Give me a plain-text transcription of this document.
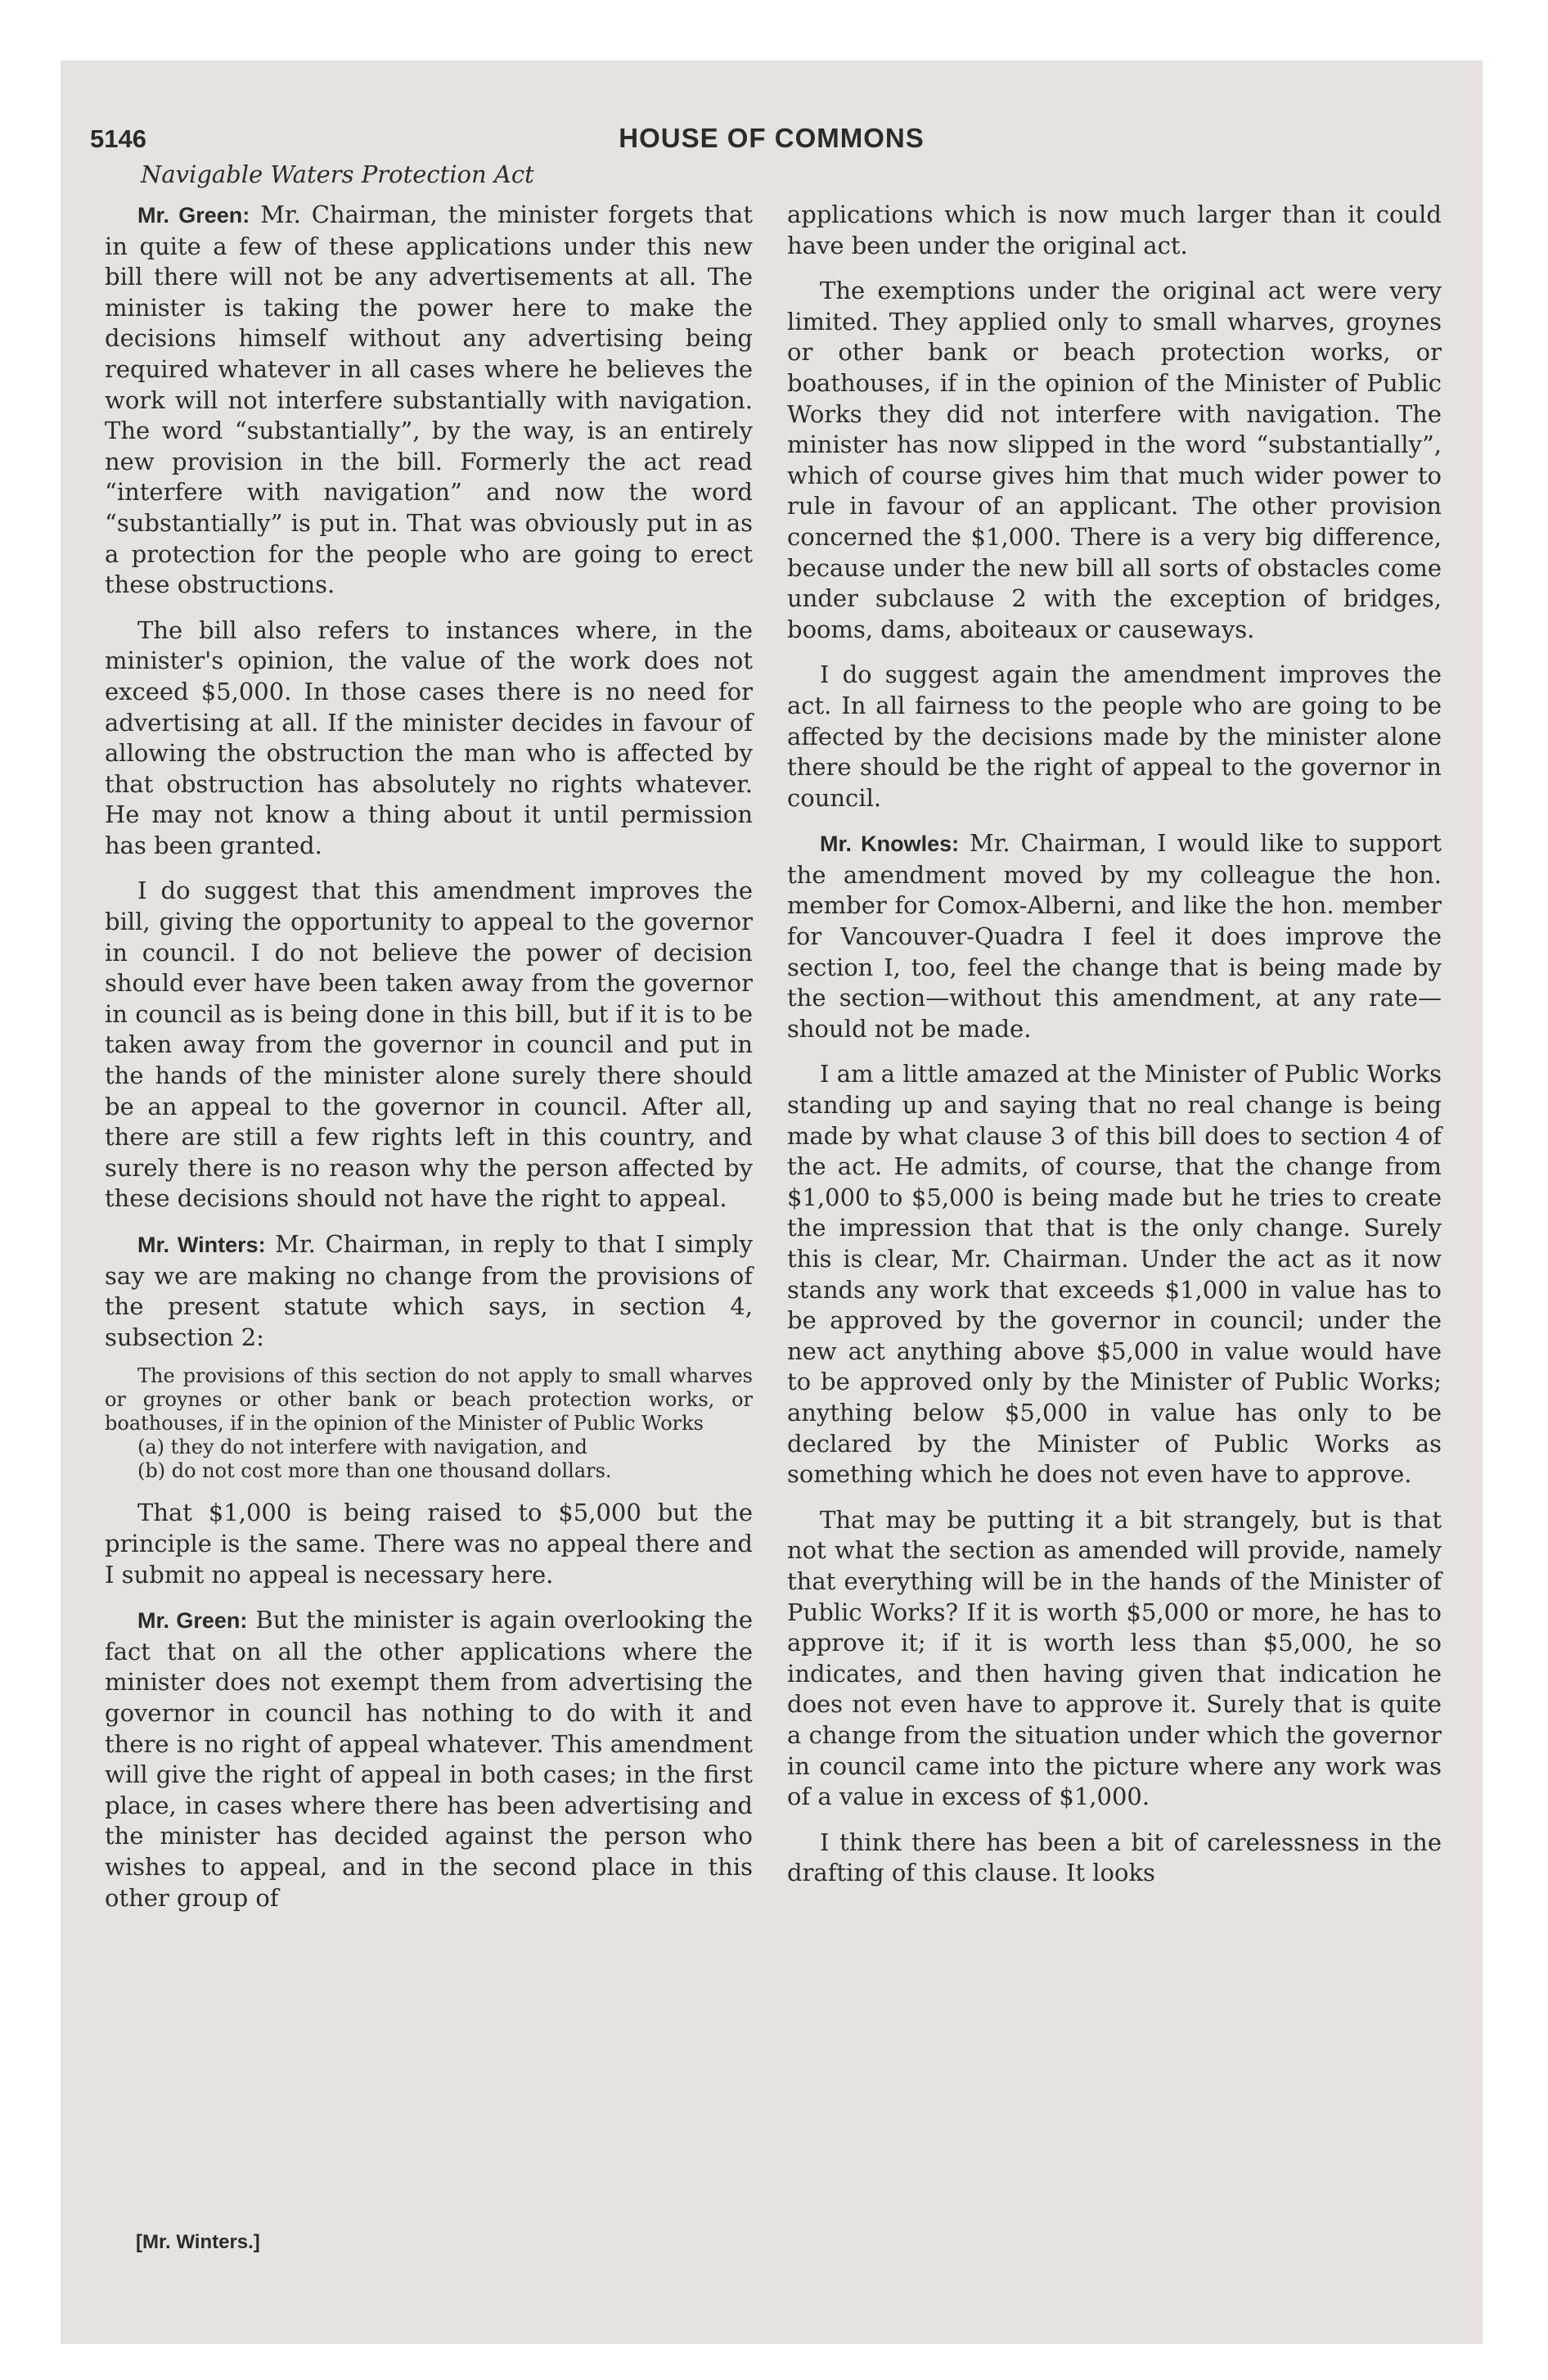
5146	HOUSE OF COMMONS
Navigable Waters Protection Act

Mr. Green: Mr. Chairman, the minister forgets that in quite a few of these applications under this new bill there will not be any advertisements at all. The minister is taking the power here to make the decisions himself without any advertising being required whatever in all cases where he believes the work will not interfere substantially with navigation. The word “substantially”, by the way, is an entirely new provision in the bill. Formerly the act read “interfere with navigation” and now the word “substantially” is put in. That was obviously put in as a protection for the people who are going to erect these obstructions.

The bill also refers to instances where, in the minister's opinion, the value of the work does not exceed $5,000. In those cases there is no need for advertising at all. If the minister decides in favour of allowing the obstruction the man who is affected by that obstruction has absolutely no rights whatever. He may not know a thing about it until permission has been granted.

I do suggest that this amendment improves the bill, giving the opportunity to appeal to the governor in council. I do not believe the power of decision should ever have been taken away from the governor in council as is being done in this bill, but if it is to be taken away from the governor in council and put in the hands of the minister alone surely there should be an appeal to the governor in council. After all, there are still a few rights left in this country, and surely there is no reason why the person affected by these decisions should not have the right to appeal.

Mr. Winters: Mr. Chairman, in reply to that I simply say we are making no change from the provisions of the present statute which says, in section 4, subsection 2:

The provisions of this section do not apply to small wharves or groynes or other bank or beach protection works, or boathouses, if in the opinion of the Minister of Public Works
(a) they do not interfere with navigation, and
(b) do not cost more than one thousand dollars.

That $1,000 is being raised to $5,000 but the principle is the same. There was no appeal there and I submit no appeal is necessary here.

Mr. Green: But the minister is again overlooking the fact that on all the other applications where the minister does not exempt them from advertising the governor in council has nothing to do with it and there is no right of appeal whatever. This amendment will give the right of appeal in both cases; in the first place, in cases where there has been advertising and the minister has decided against the person who wishes to appeal, and in the second place in this other group of

applications which is now much larger than it could have been under the original act.

The exemptions under the original act were very limited. They applied only to small wharves, groynes or other bank or beach protection works, or boathouses, if in the opinion of the Minister of Public Works they did not interfere with navigation. The minister has now slipped in the word “substantially”, which of course gives him that much wider power to rule in favour of an applicant. The other provision concerned the $1,000. There is a very big difference, because under the new bill all sorts of obstacles come under subclause 2 with the exception of bridges, booms, dams, aboiteaux or causeways.

I do suggest again the amendment improves the act. In all fairness to the people who are going to be affected by the decisions made by the minister alone there should be the right of appeal to the governor in council.

Mr. Knowles: Mr. Chairman, I would like to support the amendment moved by my colleague the hon. member for Comox-Alberni, and like the hon. member for Vancouver-Quadra I feel it does improve the section I, too, feel the change that is being made by the section—without this amendment, at any rate—should not be made.

I am a little amazed at the Minister of Public Works standing up and saying that no real change is being made by what clause 3 of this bill does to section 4 of the act. He admits, of course, that the change from $1,000 to $5,000 is being made but he tries to create the impression that that is the only change. Surely this is clear, Mr. Chairman. Under the act as it now stands any work that exceeds $1,000 in value has to be approved by the governor in council; under the new act anything above $5,000 in value would have to be approved only by the Minister of Public Works; anything below $5,000 in value has only to be declared by the Minister of Public Works as something which he does not even have to approve.

That may be putting it a bit strangely, but is that not what the section as amended will provide, namely that everything will be in the hands of the Minister of Public Works? If it is worth $5,000 or more, he has to approve it; if it is worth less than $5,000, he so indicates, and then having given that indication he does not even have to approve it. Surely that is quite a change from the situation under which the governor in council came into the picture where any work was of a value in excess of $1,000.

I think there has been a bit of carelessness in the drafting of this clause. It looks

[Mr. Winters.]
